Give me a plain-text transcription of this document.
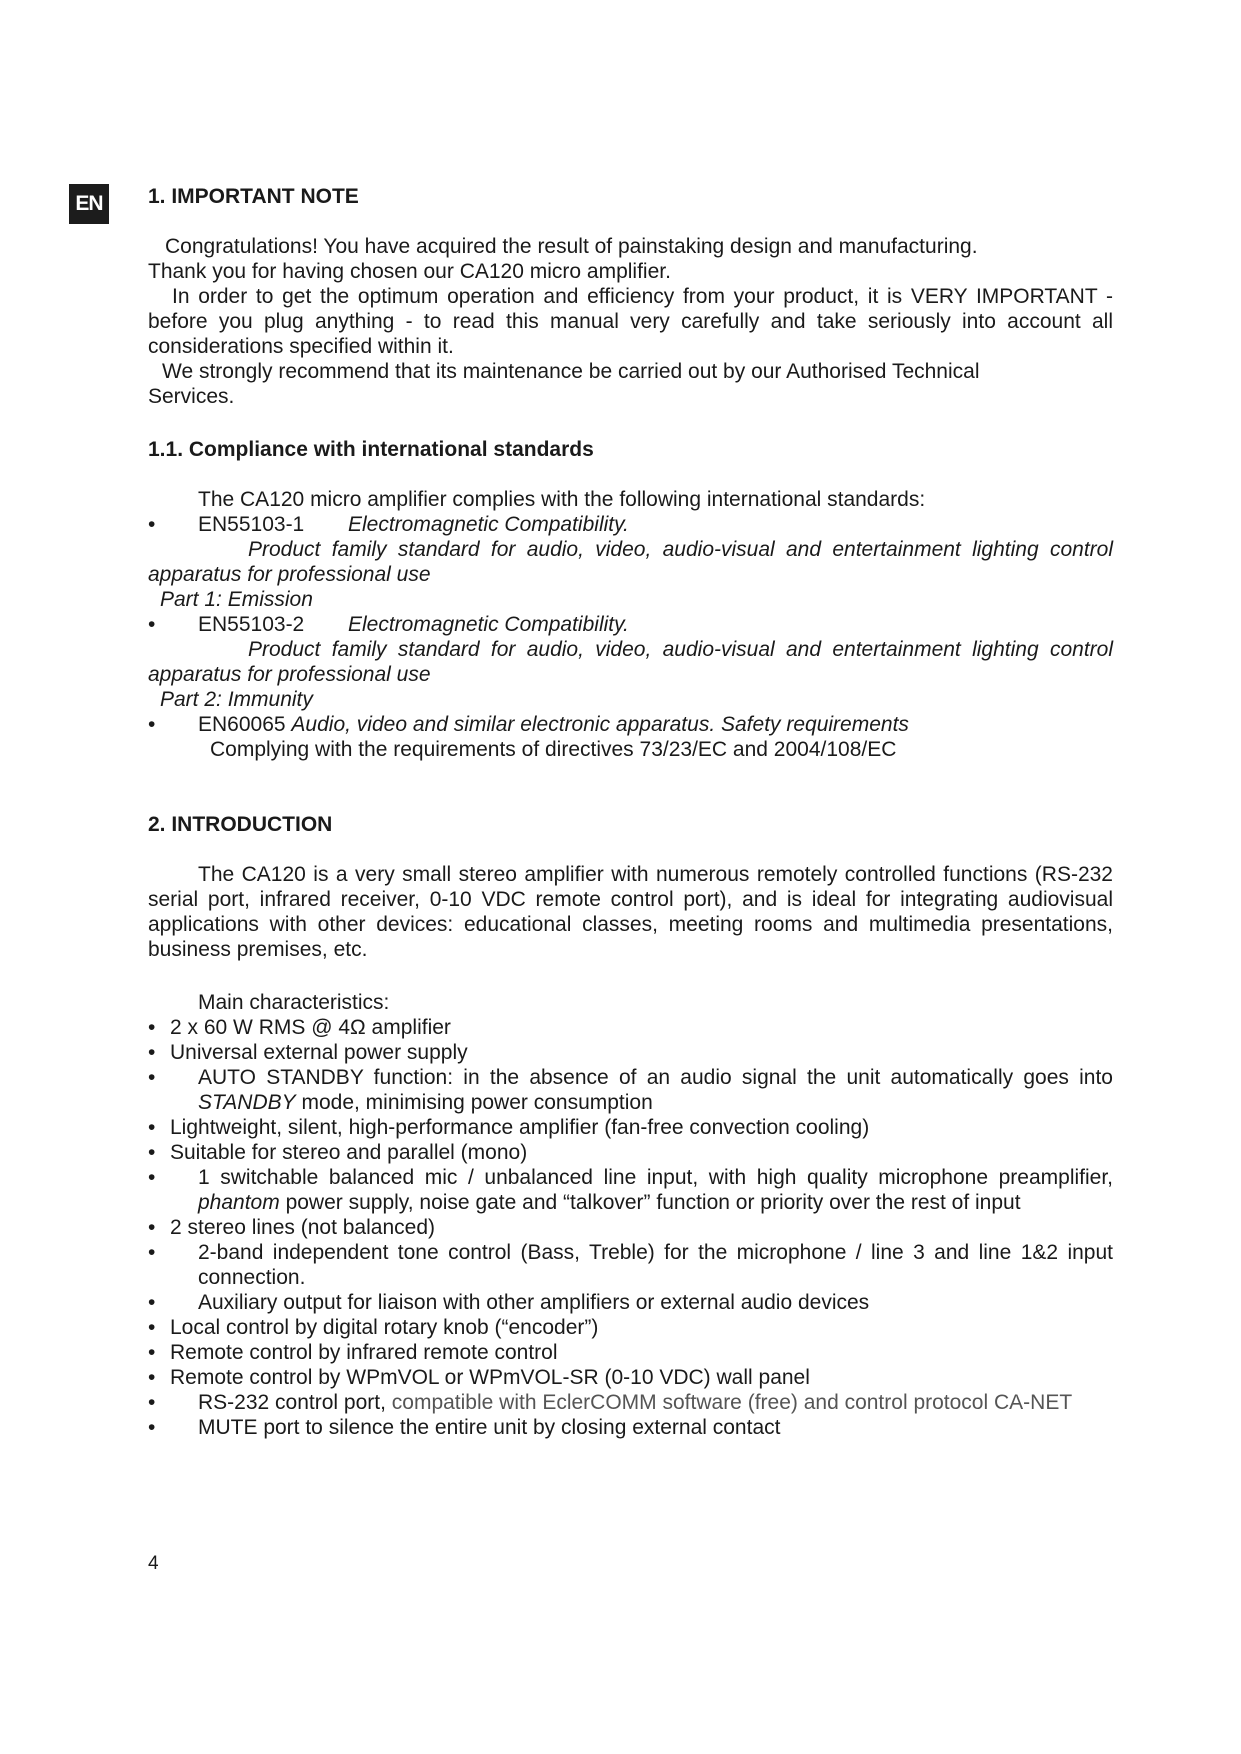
EN	1. IMPORTANT NOTE

Congratulations! You have acquired the result of painstaking design and manufacturing.

Thank you for having chosen our CA120 micro amplifier.

In order to get the optimum operation and efficiency from your product, it is VERY IMPORTANT - before you plug anything - to read this manual very carefully and take seriously into account all considerations specified within it.

We strongly recommend that its maintenance be carried out by our Authorised Technical Services.

1.1. Compliance with international standards

The CA120 micro amplifier complies with the following international standards:

• EN55103-1 Electromagnetic Compatibility.

Product family standard for audio, video, audio-visual and entertainment lighting control apparatus for professional use

Part 1: Emission

• EN55103-2 Electromagnetic Compatibility.

Product family standard for audio, video, audio-visual and entertainment lighting control apparatus for professional use

Part 2: Immunity

• EN60065 Audio, video and similar electronic apparatus. Safety requirements

Complying with the requirements of directives 73/23/EC and 2004/108/EC

2. INTRODUCTION

The CA120 is a very small stereo amplifier with numerous remotely controlled functions (RS-232 serial port, infrared receiver, 0-10 VDC remote control port), and is ideal for integrating audiovisual applications with other devices: educational classes, meeting rooms and multimedia presentations, business premises, etc.

Main characteristics:

• 2 x 60 W RMS @ 4Ω amplifier
• Universal external power supply
• AUTO STANDBY function: in the absence of an audio signal the unit automatically goes into STANDBY mode, minimising power consumption
• Lightweight, silent, high-performance amplifier (fan-free convection cooling)
• Suitable for stereo and parallel (mono)
• 1 switchable balanced mic / unbalanced line input, with high quality microphone preamplifier, phantom power supply, noise gate and “talkover” function or priority over the rest of input
• 2 stereo lines (not balanced)
• 2-band independent tone control (Bass, Treble) for the microphone / line 3 and line 1&2 input connection.
• Auxiliary output for liaison with other amplifiers or external audio devices
• Local control by digital rotary knob (“encoder”)
• Remote control by infrared remote control
• Remote control by WPmVOL or WPmVOL-SR (0-10 VDC) wall panel
• RS-232 control port, compatible with EclerCOMM software (free) and control protocol CA-NET
• MUTE port to silence the entire unit by closing external contact
4
